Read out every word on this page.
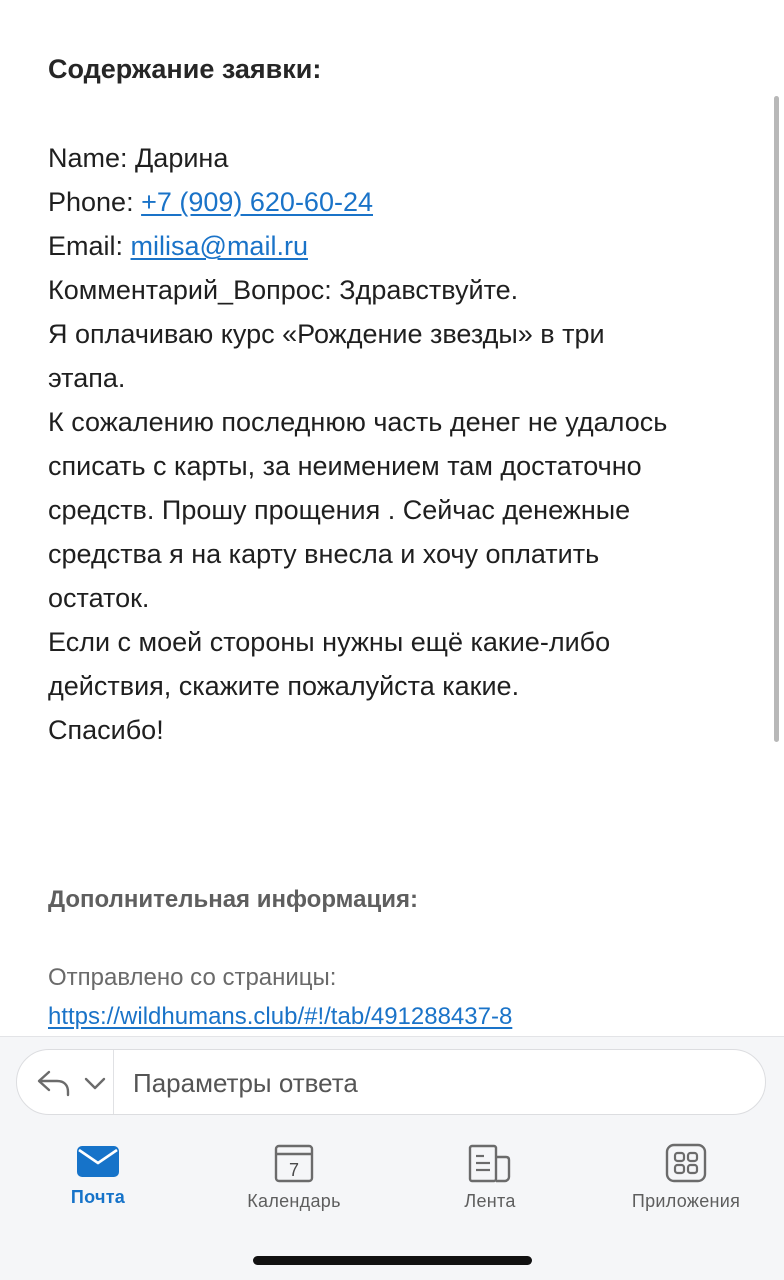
Содержание заявки:
Name: Дарина
Phone: +7 (909) 620-60-24
Email: milisa@mail.ru
Комментарий_Вопрос: Здравствуйте.
Я оплачиваю курс «Рождение звезды» в три
этапа.
К сожалению последнюю часть денег не удалось
списать с карты, за неимением там достаточно
средств. Прошу прощения . Сейчас денежные
средства я на карту внесла и хочу оплатить
остаток.
Если с моей стороны нужны ещё какие-либо
действия, скажите пожалуйста какие.
Спасибо!
Дополнительная информация:
Отправлено со страницы:
https://wildhumans.club/#!/tab/491288437-8
Параметры ответа
Почта
7
Календарь	Лента	Приложения
